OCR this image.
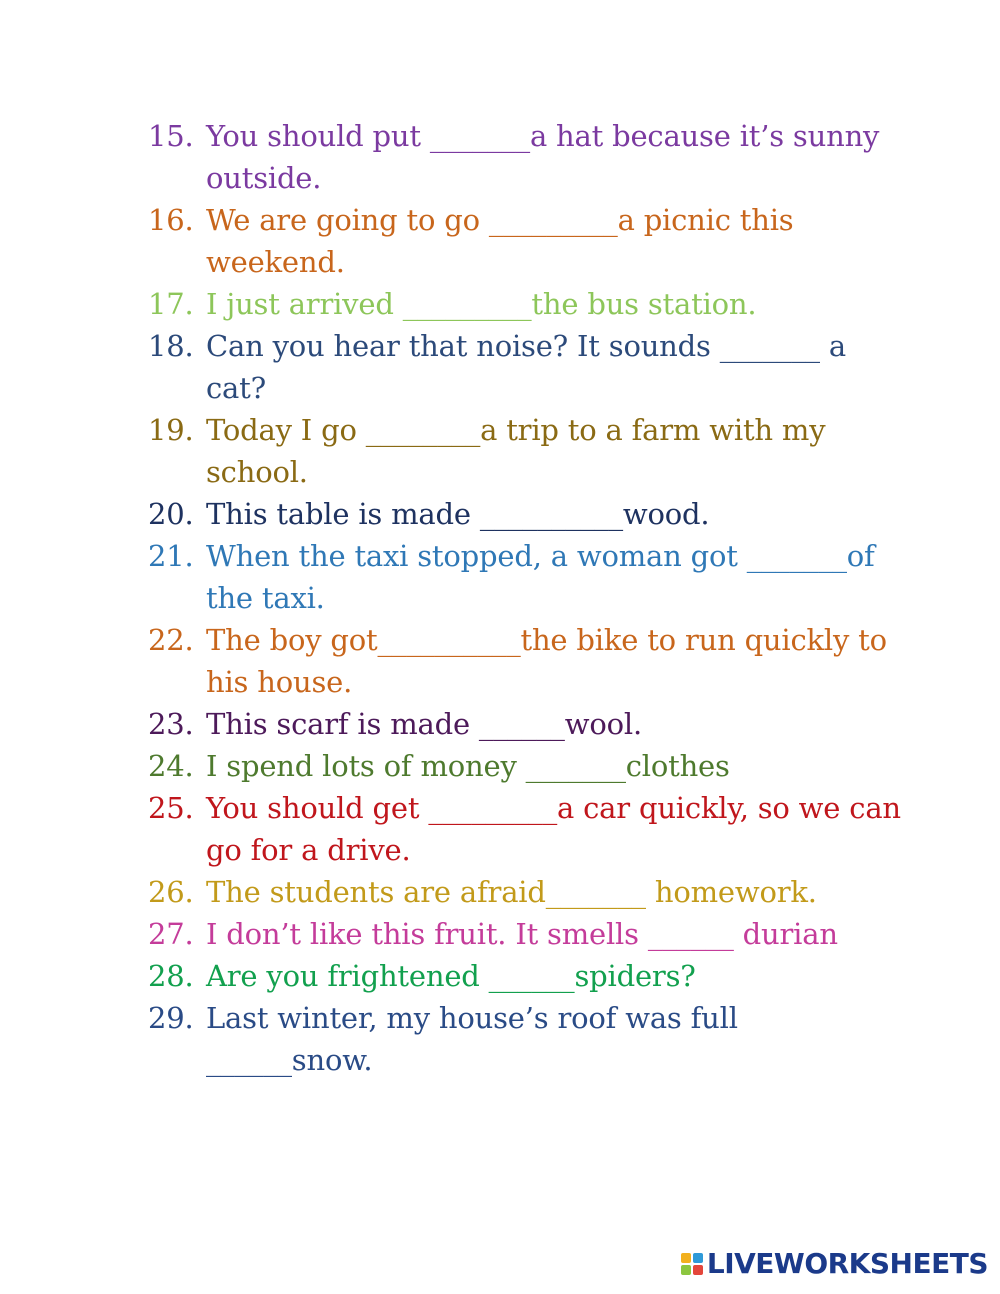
15. You should put _______a hat because it’s sunny outside.
16. We are going to go _________a picnic this weekend.
17. I just arrived _________the bus station.
18. Can you hear that noise? It sounds _______ a cat?
19. Today I go ________a trip to a farm with my school.
20. This table is made __________wood.
21. When the taxi stopped, a woman got _______of the taxi.
22. The boy got__________the bike to run quickly to his house.
23. This scarf is made ______wool.
24. I spend lots of money _______clothes
25. You should get _________a car quickly, so we can go for a drive.
26. The students are afraid_______ homework.
27. I don’t like this fruit. It smells ______ durian
28. Are you frightened ______spiders?
29. Last winter, my house’s roof was full ______snow.
LIVEWORKSHEETS
